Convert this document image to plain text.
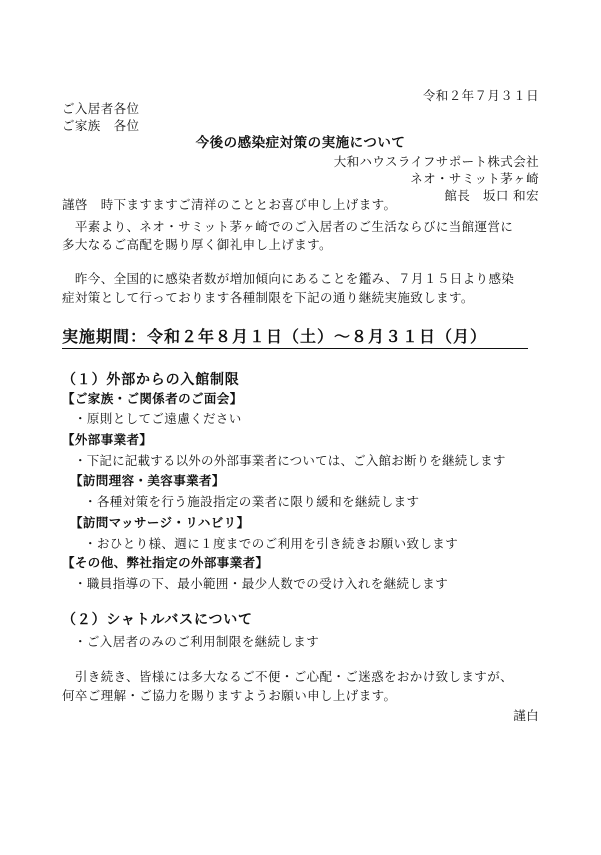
令和２年７月３１日
ご入居者各位
ご家族　各位
今後の感染症対策の実施について
大和ハウスライフサポート株式会社
ネオ・サミット茅ヶ崎
館長　坂口 和宏
謹啓　時下ますますご清祥のこととお喜び申し上げます。
　平素より、ネオ・サミット茅ヶ崎でのご入居者のご生活ならびに当館運営に
多大なるご高配を賜り厚く御礼申し上げます。
　昨今、全国的に感染者数が増加傾向にあることを鑑み、７月１５日より感染
症対策として行っております各種制限を下記の通り継続実施致します。
実施期間：令和２年８月１日（土）～８月３１日（月）
（１）外部からの入館制限
【ご家族・ご関係者のご面会】
・原則としてご遠慮ください
【外部事業者】
・下記に記載する以外の外部事業者については、ご入館お断りを継続します
【訪問理容・美容事業者】
・各種対策を行う施設指定の業者に限り緩和を継続します
【訪問マッサージ・リハビリ】
・おひとり様、週に１度までのご利用を引き続きお願い致します
【その他、弊社指定の外部事業者】
・職員指導の下、最小範囲・最少人数での受け入れを継続します
（２）シャトルバスについて
・ご入居者のみのご利用制限を継続します
　引き続き、皆様には多大なるご不便・ご心配・ご迷惑をおかけ致しますが、
何卒ご理解・ご協力を賜りますようお願い申し上げます。
謹白
